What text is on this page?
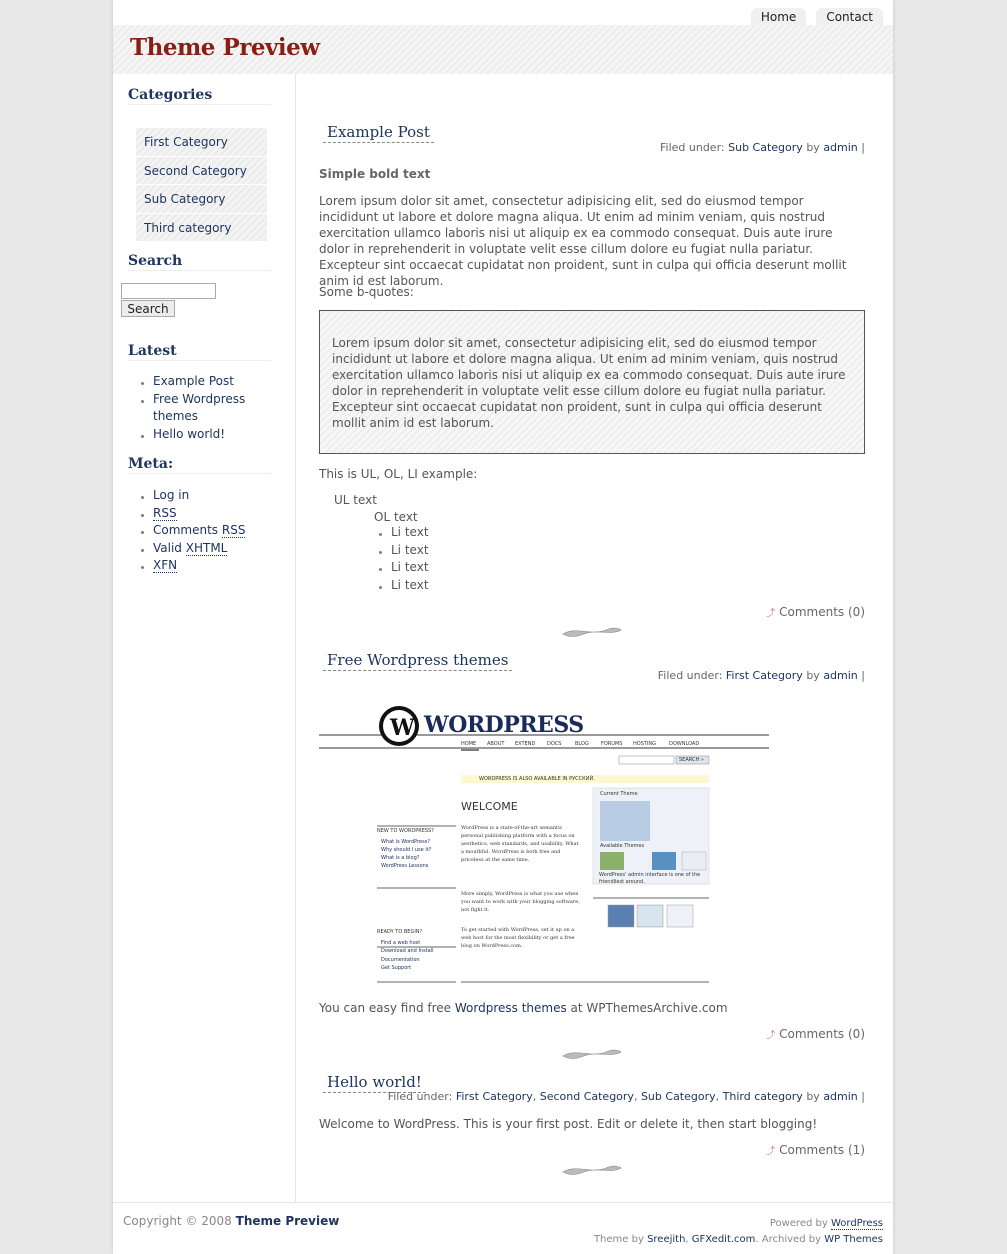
Home	Contact
Theme Preview
Categories
First Category
Second Category
Sub Category
Third category
Search
Search
Latest
Example Post
Free Wordpress themes
Hello world!
Meta:
Log in
RSS
Comments RSS
Valid XHTML
XFN
Example Post
Filed under: Sub Category by admin |
Simple bold text
Lorem ipsum dolor sit amet, consectetur adipisicing elit, sed do eiusmod tempor incididunt ut labore et dolore magna aliqua. Ut enim ad minim veniam, quis nostrud exercitation ullamco laboris nisi ut aliquip ex ea commodo consequat. Duis aute irure dolor in reprehenderit in voluptate velit esse cillum dolore eu fugiat nulla pariatur. Excepteur sint occaecat cupidatat non proident, sunt in culpa qui officia deserunt mollit anim id est laborum.
Some b-quotes:
Lorem ipsum dolor sit amet, consectetur adipisicing elit, sed do eiusmod tempor incididunt ut labore et dolore magna aliqua. Ut enim ad minim veniam, quis nostrud exercitation ullamco laboris nisi ut aliquip ex ea commodo consequat. Duis aute irure dolor in reprehenderit in voluptate velit esse cillum dolore eu fugiat nulla pariatur. Excepteur sint occaecat cupidatat non proident, sunt in culpa qui officia deserunt mollit anim id est laborum.
This is UL, OL, LI example:
UL text
OL text
Li text
Li text
Li text
Li text
⤴ Comments (0)
Free Wordpress themes
Filed under: First Category by admin |
W WORDPRESS
HOME ABOUT EXTEND DOCS	BLOG FORUMS HOSTING	DOWNLOAD
SEARCH »
WORDPRESS IS ALSO AVAILABLE IN РУССКИЙ.
WELCOME
NEW TO WORDPRESS?
What is WordPress?
Why should I use it?
What is a blog?
WordPress Lessons
READY TO BEGIN?
Find a web host
Download and Install
Documentation
Get Support
WordPress is a state-of-the-art semantic personal publishing platform with a focus on aesthetics, web standards, and usability. What a mouthful. WordPress is both free and priceless at the same time.
More simply, WordPress is what you use when you want to work with your blogging software, not fight it.
To get started with WordPress, set it up on a web host for the most flexibility or get a free blog on WordPress.com.
Current Theme
Available Themes
WordPress' admin interface is one of the friendliest around.
You can easy find free Wordpress themes at WPThemesArchive.com
⤴ Comments (0)
Hello world!
Filed under: First Category, Second Category, Sub Category, Third category by admin |
Welcome to WordPress. This is your first post. Edit or delete it, then start blogging!
⤴ Comments (1)
Copyright © 2008 Theme Preview	Powered by WordPress
Theme by Sreejith, GFXedit.com. Archived by WP Themes
